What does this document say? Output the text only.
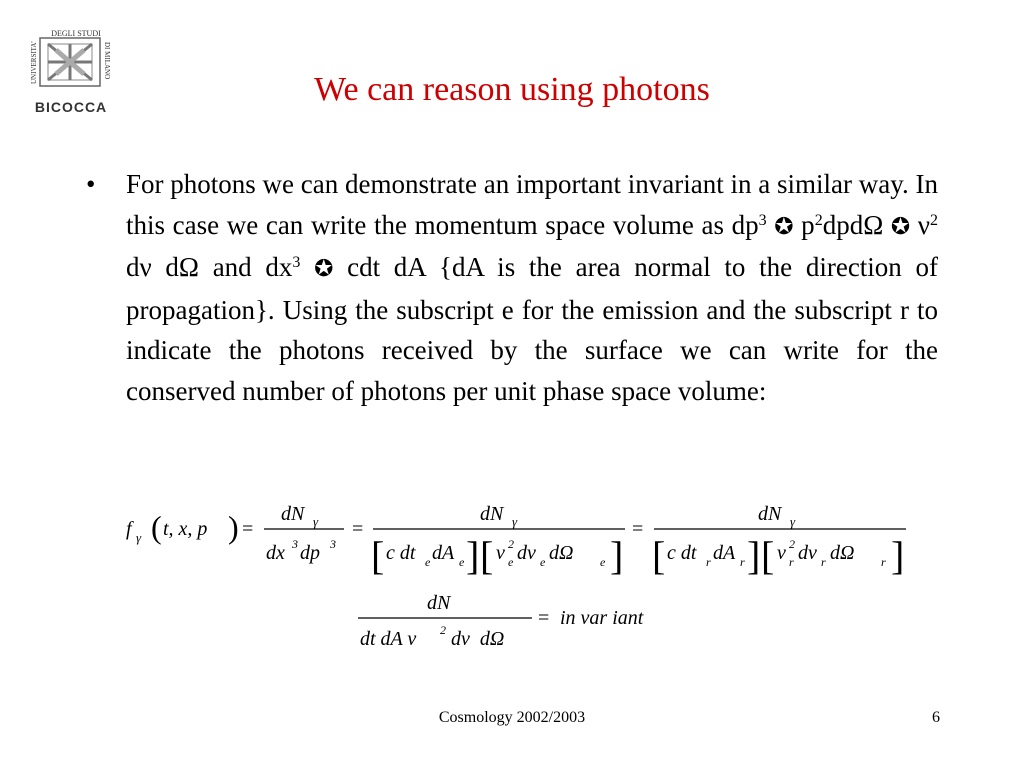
DEGLI STUDI
UNIVERSITA'	DI MILANO
BICOCCA	We can reason using photons
• For photons we can demonstrate an important invariant in a similar way. In this case we can write the momentum space volume as $dp^3$ ✪ $p^2dpd\Omega$ ✪ $\nu^2$ dν dΩ and $dx^3$ ✪ cdt dA {dA is the area normal to the direction of propagation}. Using the subscript e for the emission and the subscript r to indicate the photons received by the surface we can write for the conserved number of photons per unit phase space volume:
f γ ( t, x, p ) =
dN γ
dx 3 dp 3
=
dN γ
[ c dt e dA e ] [ ν 2
e dν e dΩ e ]
=
dN γ
[ c dt r dA r ] [ ν 2
r dν r dΩ r ]
dN
dt dA ν 2 dν  dΩ
= in var iant
Cosmology 2002/2003	6
